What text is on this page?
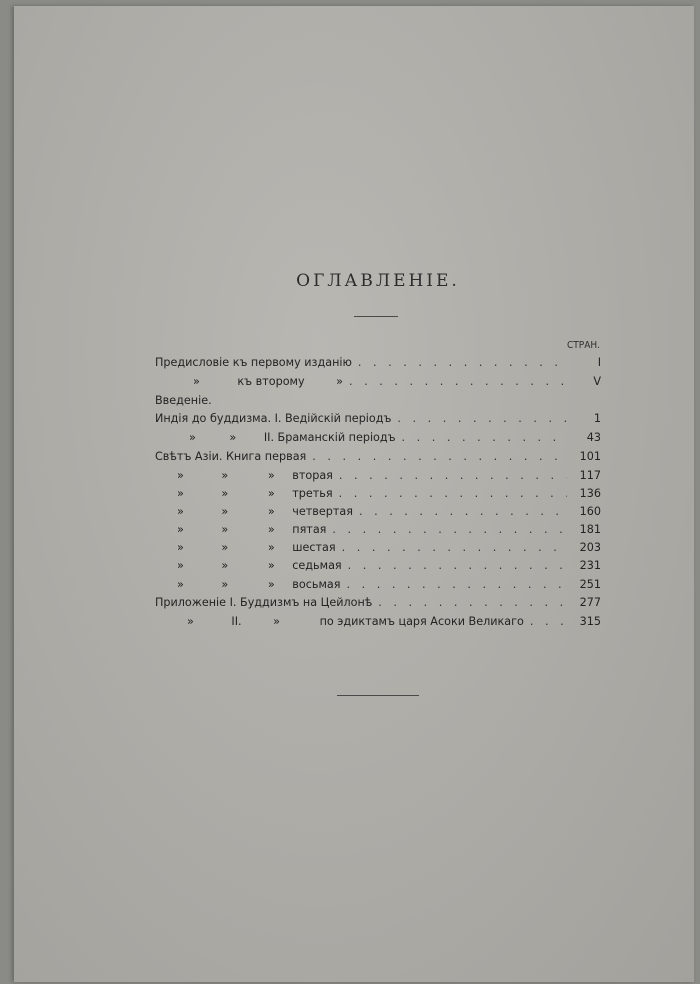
ОГЛАВЛЕНІЕ.
СТРАН.
Предисловіе къ первому изданію . . .	I
»	къ второму	» . . .	V
Введеніе.
Индія до буддизма. I. Ведійскій періодъ . . .	1
»	» II. Браманскій періодъ . . .	43
Свѣтъ Азіи. Книга первая . . .	101
»	»	» вторая . . .	117
»	»	» третья . . .	136
»	»	» четвертая . . .	160
»	»	» пятая . . .	181
»	»	» шестая . . .	203
»	»	» седьмая . . .	231
»	»	» восьмая . . .	251
Приложеніе I. Буддизмъ на Цейлонѣ . . .	277
»	II.	»	по эдиктамъ царя Асоки Великаго . . .	315
